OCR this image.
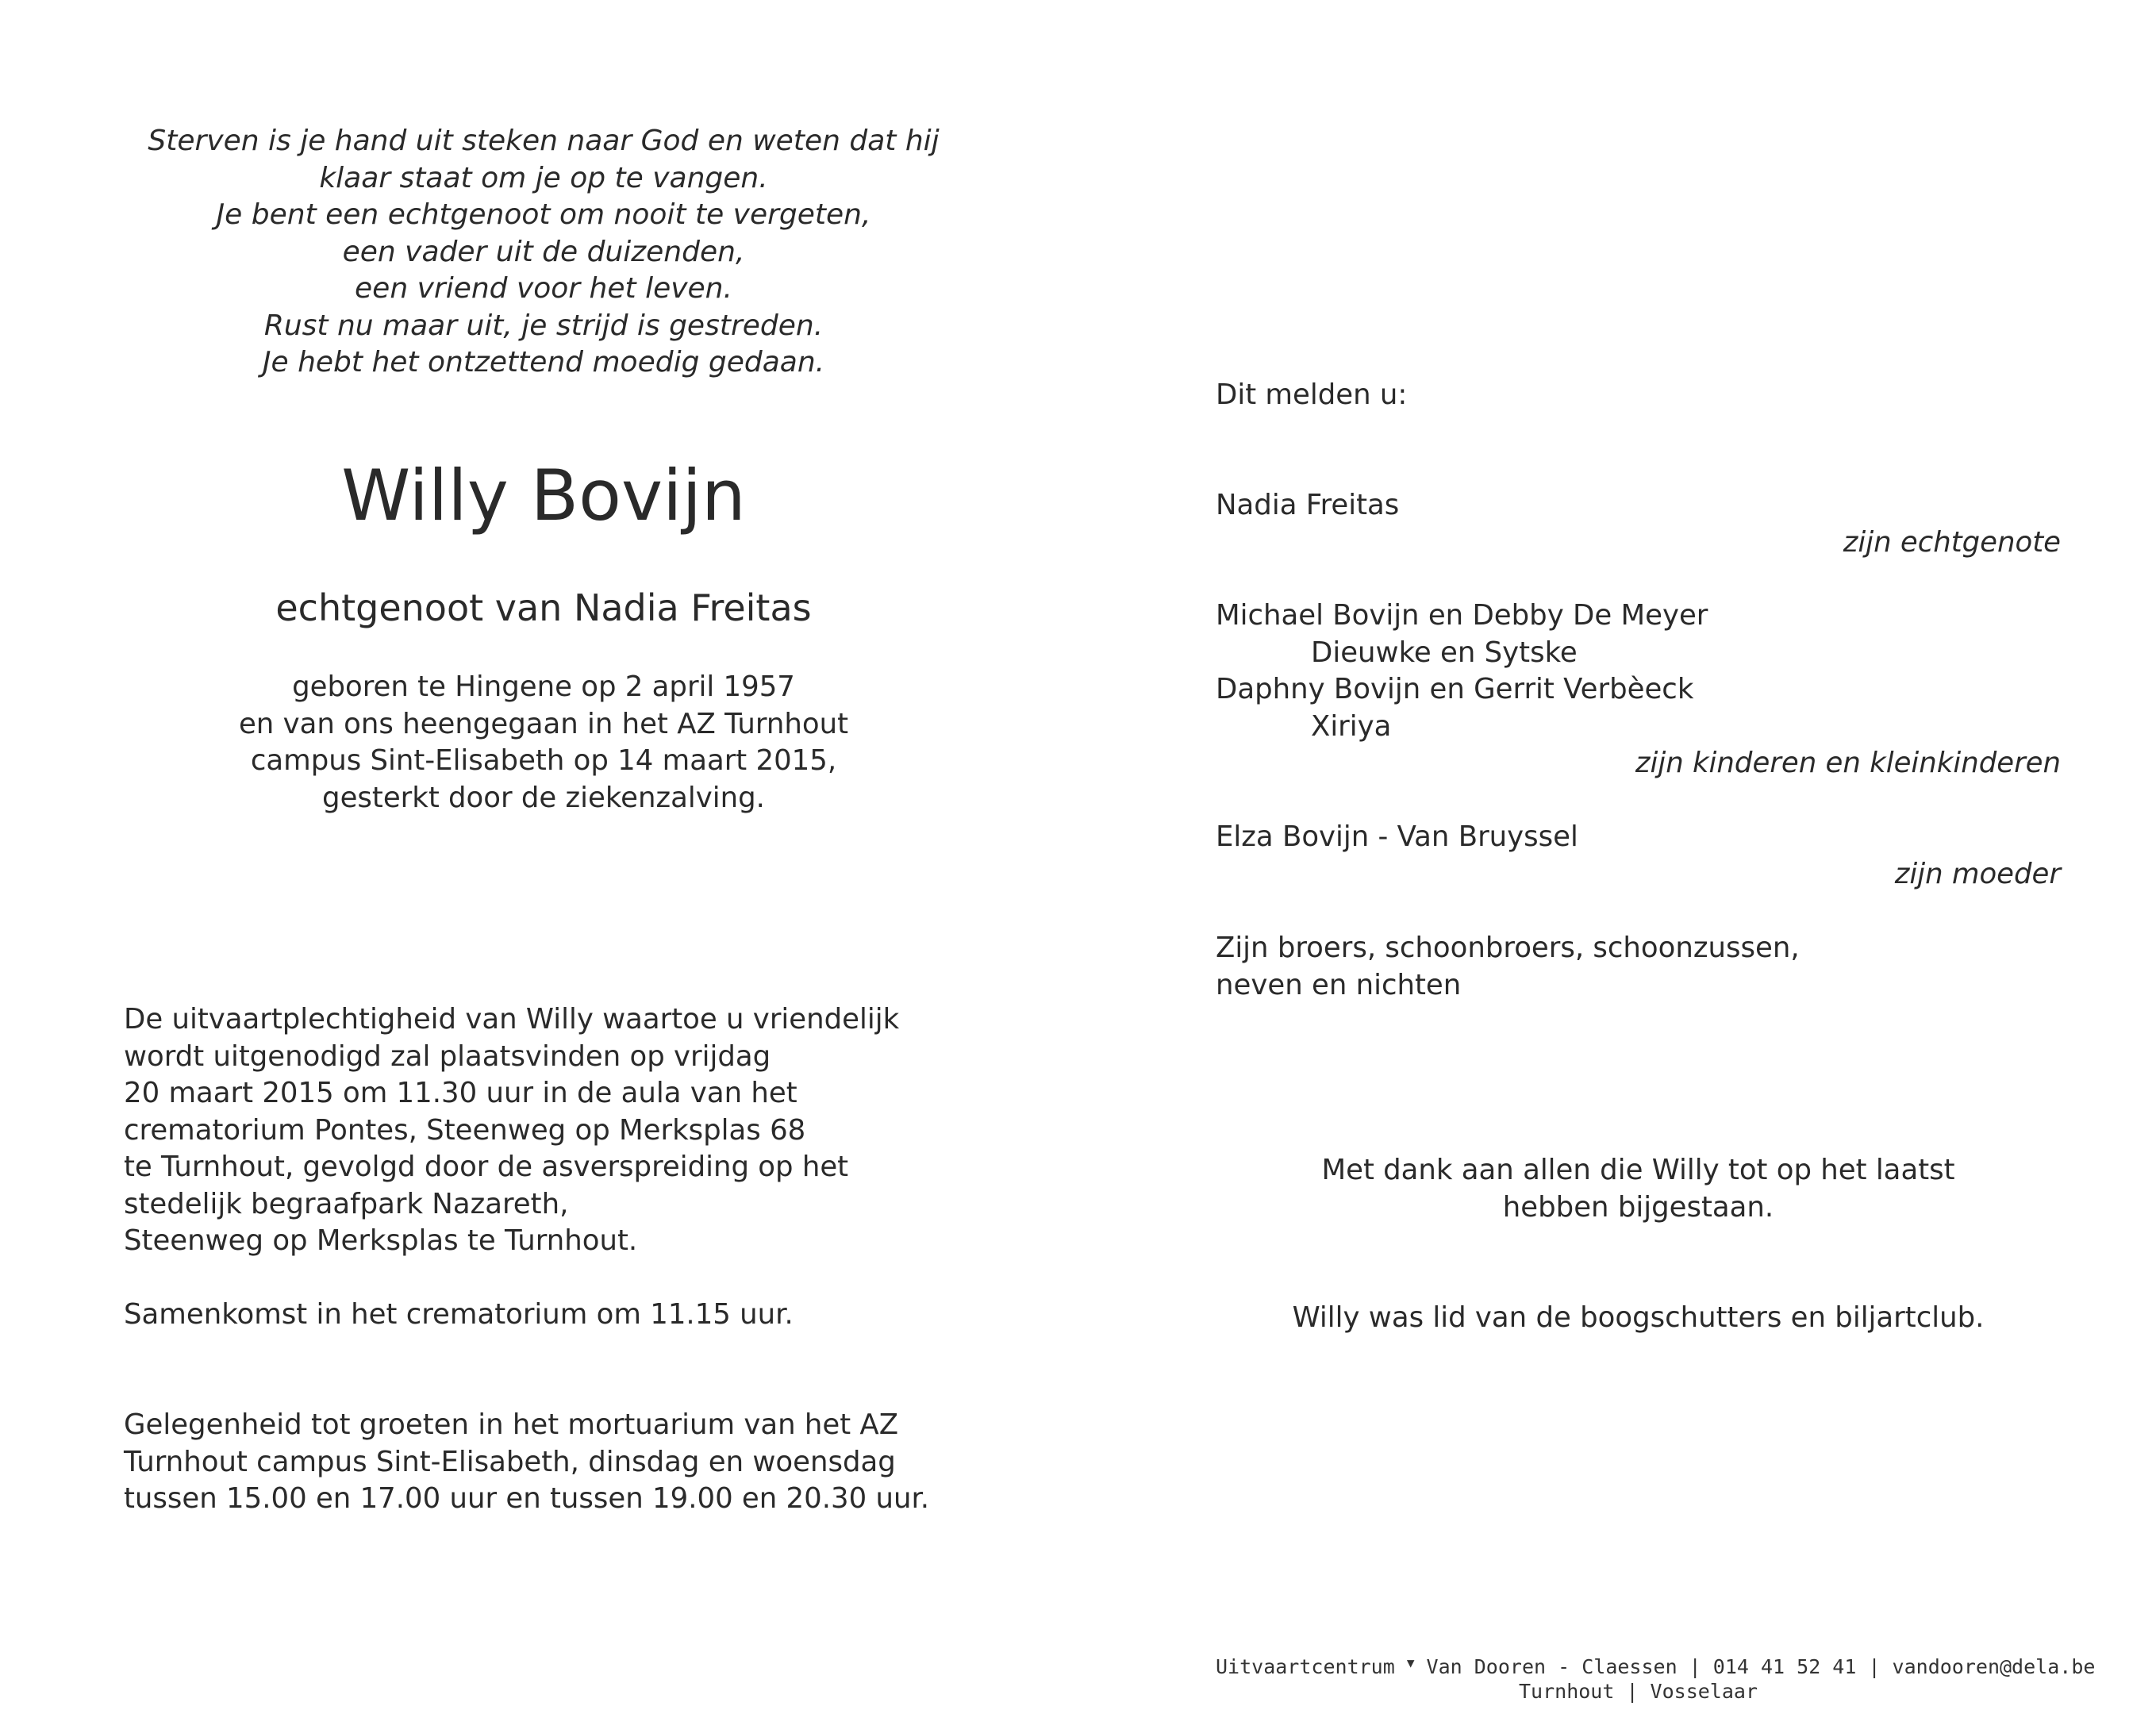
Sterven is je hand uit steken naar God en weten dat hij
klaar staat om je op te vangen.
Je bent een echtgenoot om nooit te vergeten,
een vader uit de duizenden,
een vriend voor het leven.
Rust nu maar uit, je strijd is gestreden.
Je hebt het ontzettend moedig gedaan.
Willy Bovijn
echtgenoot van Nadia Freitas
geboren te Hingene op 2 april 1957
en van ons heengegaan in het AZ Turnhout
campus Sint-Elisabeth op 14 maart 2015,
gesterkt door de ziekenzalving.
De uitvaartplechtigheid van Willy waartoe u vriendelijk
wordt uitgenodigd zal plaatsvinden op vrijdag
20 maart 2015 om 11.30 uur in de aula van het
crematorium Pontes, Steenweg op Merksplas 68
te Turnhout, gevolgd door de asverspreiding op het
stedelijk begraafpark Nazareth,
Steenweg op Merksplas te Turnhout.
Samenkomst in het crematorium om 11.15 uur.
Gelegenheid tot groeten in het mortuarium van het AZ
Turnhout campus Sint-Elisabeth, dinsdag en woensdag
tussen 15.00 en 17.00 uur en tussen 19.00 en 20.30 uur.
Dit melden u:
Nadia Freitas
zijn echtgenote
Michael Bovijn en Debby De Meyer
Dieuwke en Sytske
Daphny Bovijn en Gerrit Verbèeck
Xiriya
zijn kinderen en kleinkinderen
Elza Bovijn - Van Bruyssel
zijn moeder
Zijn broers, schoonbroers, schoonzussen,
neven en nichten
Met dank aan allen die Willy tot op het laatst
hebben bijgestaan.
Willy was lid van de boogschutters en biljartclub.
Uitvaartcentrum ▼ Van Dooren - Claessen | 014 41 52 41 | vandooren@dela.be
Turnhout | Vosselaar
